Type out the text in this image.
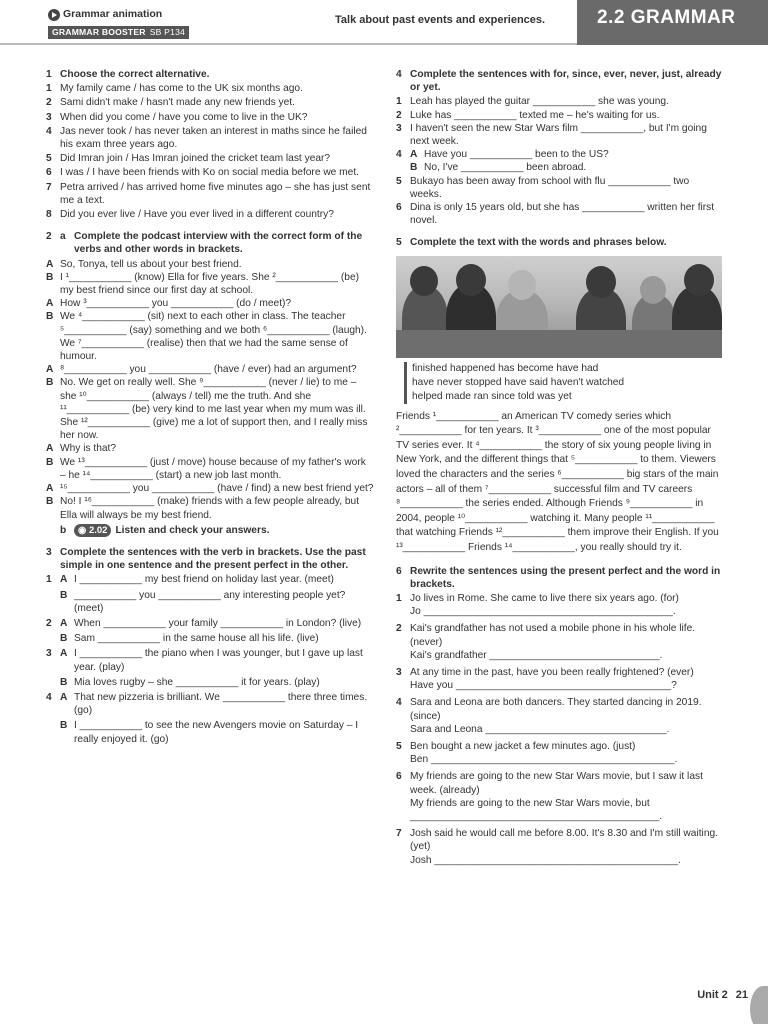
Grammar animation
GRAMMAR BOOSTER SB P134
Talk about past events and experiences.	2.2 GRAMMAR
1 Choose the correct alternative.
1 My family came / has come to the UK six months ago.
2 Sami didn't make / hasn't made any new friends yet.
3 When did you come / have you come to live in the UK?
4 Jas never took / has never taken an interest in maths since he failed his exam three years ago.
5 Did Imran join / Has Imran joined the cricket team last year?
6 I was / I have been friends with Ko on social media before we met.
7 Petra arrived / has arrived home five minutes ago – she has just sent me a text.
8 Did you ever live / Have you ever lived in a different country?
2 a Complete the podcast interview with the correct form of the verbs and other words in brackets.
A So, Tonya, tell us about your best friend.
B I ¹___________ (know) Ella for five years. She ²___________ (be) my best friend since our first day at school.
A How ³___________ you ___________ (do / meet)?
B We ⁴___________ (sit) next to each other in class. The teacher ⁵___________ (say) something and we both ⁶___________ (laugh). We ⁷___________ (realise) then that we had the same sense of humour.
A ⁸___________ you ___________ (have / ever) had an argument?
B No. We get on really well. She ⁹___________ (never / lie) to me – she ¹⁰___________ (always / tell) me the truth. And she ¹¹___________ (be) very kind to me last year when my mum was ill. She ¹²___________ (give) me a lot of support then, and I really miss her now.
A Why is that?
B We ¹³___________ (just / move) house because of my father's work – he ¹⁴___________ (start) a new job last month.
A ¹⁵___________ you ___________ (have / find) a new best friend yet?
B No! I ¹⁶___________ (make) friends with a few people already, but Ella will always be my best friend.
b	◉ 2.02 Listen and check your answers.
3 Complete the sentences with the verb in brackets. Use the past simple in one sentence and the present perfect in the other.
1 A I ___________ my best friend on holiday last year. (meet)
B ___________ you ___________ any interesting people yet? (meet)
2 A When ___________ your family ___________ in London? (live)
B Sam ___________ in the same house all his life. (live)
3 A I ___________ the piano when I was younger, but I gave up last year. (play)
B Mia loves rugby – she ___________ it for years. (play)
4 A That new pizzeria is brilliant. We ___________ there three times. (go)
B I ___________ to see the new Avengers movie on Saturday – I really enjoyed it. (go)
4 Complete the sentences with for, since, ever, never, just, already or yet.
1 Leah has played the guitar ___________ she was young.
2 Luke has ___________ texted me – he's waiting for us.
3 I haven't seen the new Star Wars film ___________, but I'm going next week.
4 A Have you ___________ been to the US?
B No, I've ___________ been abroad.
5 Bukayo has been away from school with flu ___________ two weeks.
6 Dina is only 15 years old, but she has ___________ written her first novel.
5 Complete the text with the words and phrases below.
finished happened has become have had
have never stopped have said haven't watched
helped made ran since told was yet
Friends ¹___________ an American TV comedy series which ²___________ for ten years. It ³___________ one of the most popular TV series ever. It ⁴___________ the story of six young people living in New York, and the different things that ⁵___________ to them. Viewers loved the characters and the series ⁶___________ big stars of the main actors – all of them ⁷___________ successful film and TV careers ⁸___________ the series ended. Although Friends ⁹___________ in 2004, people ¹⁰___________ watching it. Many people ¹¹___________ that watching Friends ¹²___________ them improve their English. If you ¹³___________ Friends ¹⁴___________, you really should try it.
6 Rewrite the sentences using the present perfect and the word in brackets.
1 Jo lives in Rome. She came to live there six years ago. (for)
Jo ____________________________________________.
2 Kai's grandfather has not used a mobile phone in his whole life. (never)
Kai's grandfather ______________________________.
3 At any time in the past, have you been really frightened? (ever)
Have you ______________________________________?
4 Sara and Leona are both dancers. They started dancing in 2019. (since)
Sara and Leona ________________________________.
5 Ben bought a new jacket a few minutes ago. (just)
Ben ___________________________________________.
6 My friends are going to the new Star Wars movie, but I saw it last week. (already)
My friends are going to the new Star Wars movie, but ____________________________________________.
7 Josh said he would call me before 8.00. It's 8.30 and I'm still waiting. (yet)
Josh ___________________________________________.
Unit 2 21
